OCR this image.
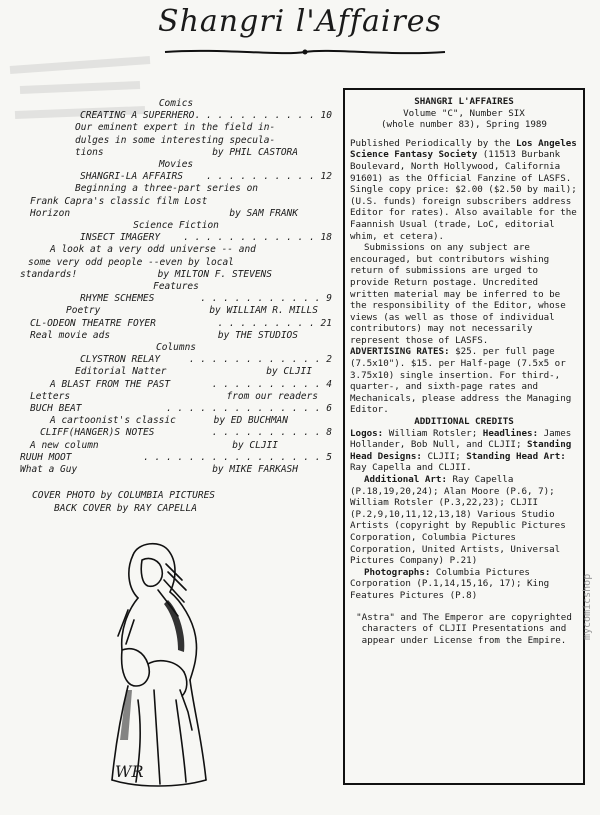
Shangri l'Affaires
Comics
CREATING A SUPERHERO . . . . . . . . . . . 10
Our eminent expert in the field in-
dulges in some interesting specula-
tions	by PHIL CASTORA
Movies
SHANGRI-LA AFFAIRS . . . . . . . . . . 12
Beginning a three-part series on
Frank Capra's classic film Lost
Horizon	by SAM FRANK
Science Fiction
INSECT IMAGERY . . . . . . . . . . . . 18
A look at a very odd universe -- and
some very odd people --even by local
standards!	by MILTON F. STEVENS
Features
RHYME SCHEMES	. . . . . . . . . . . 9
Poetry	by WILLIAM R. MILLS
CL-ODEON THEATRE FOYER	. . . . . . . . . 21
Real movie ads	by THE STUDIOS
Columns
CLYSTRON RELAY	. . . . . . . . . . . . 2
Editorial Natter	by CLJII
A BLAST FROM THE PAST	. . . . . . . . . . 4
Letters	from our readers
BUCH BEAT	. . . . . . . . . . . . . . 6
A cartoonist's classic	by ED BUCHMAN
CLIFF(HANGER)S NOTES	. . . . . . . . . . 8
A new column	by CLJII
RUUH MOOT	. . . . . . . . . . . . . . . . 5
What a Guy	by MIKE FARKASH
COVER PHOTO by COLUMBIA PICTURES
BACK COVER by RAY CAPELLA
WR
SHANGRI L'AFFAIRES
Volume "C", Number SIX
(whole number 83), Spring 1989

Published Periodically by the Los Angeles Science Fantasy Society (11513 Burbank Boulevard, North Hollywood, California 91601) as the Official Fanzine of LASFS. Single copy price: $2.00 ($2.50 by mail); (U.S. funds) foreign subscribers address Editor for rates). Also available for the Faannish Usual (trade, LoC, editorial whim, et cetera).

Submissions on any subject are encouraged, but contributors wishing return of submissions are urged to provide Return postage. Uncredited written material may be inferred to be the responsibility of the Editor, whose views (as well as those of individual contributors) may not necessarily represent those of LASFS.

ADVERTISING RATES: $25. per full page (7.5x10"). $15. per Half-page (7.5x5 or 3.75x10) single insertion. For third-, quarter-, and sixth-page rates and Mechanicals, please address the Managing Editor.

ADDITIONAL CREDITS

Logos: William Rotsler; Headlines: James Hollander, Bob Null, and CLJII; Standing Head Designs: CLJII; Standing Head Art: Ray Capella and CLJII.

Additional Art: Ray Capella (P.18,19,20,24); Alan Moore (P.6, 7); William Rotsler (P.3,22,23); CLJII (P.2,9,10,11,12,13,18) Various Studio Artists (copyright by Republic Pictures Corporation, Columbia Pictures Corporation, United Artists, Universal Pictures Company) P.21)

Photographs: Columbia Pictures Corporation (P.1,14,15,16, 17); King Features Pictures (P.8)

"Astra" and The Emperor are copyrighted characters of CLJII Presentations and appear under License from the Empire.

mycomicshop
